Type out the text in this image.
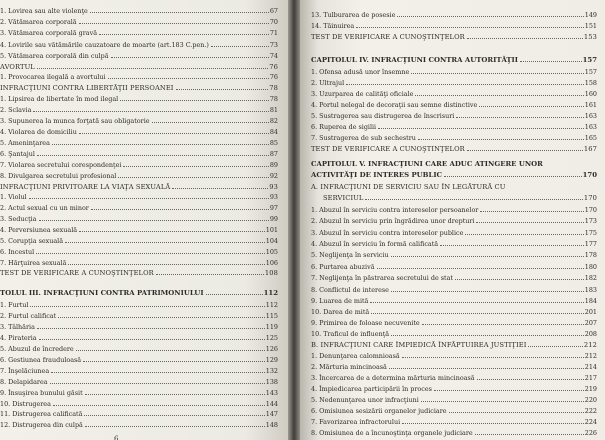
1. Lovirea sau alte violenţe	67
2. Vătămarea corporală	70
3. Vătămarea corporală gravă	71
4. Lovirile sau vătămările cauzatoare de moarte (art.183 C.pen.)	73
5. Vătămarea corporală din culpă	74
AVORTUL	76
1. Provocarea ilegală a avortului	76
INFRACŢIUNI CONTRA LIBERTĂŢII PERSOANEI	78
1. Lipsirea de libertate în mod ilegal	78
2. Sclavia	81
3. Supunerea la munca forţată sau obligatorie	82
4. Violarea de domiciliu	84
5. Ameninţarea	85
6. Şantajul	87
7. Violarea secretului corespondenţei	89
8. Divulgarea secretului profesional	92
INFRACŢIUNI PRIVITOARE LA VIAŢA SEXUALĂ	93
1. Violul	93
2. Actul sexual cu un minor	97
3. Seducţia	99
4. Perversiunea sexuală	101
5. Corupţia sexuală	104
6. Incestul	105
7. Hărţuirea sexuală	106
TEST DE VERIFICARE A CUNOŞTINŢELOR	108
TOLUL III. INFRACŢIUNI CONTRA PATRIMONIULUI	112
1. Furtul	112
2. Furtul calificat	115
3. Tâlhăria	119
4. Pirateria	125
5. Abuzul de încredere	126
6. Gestiunea frauduloasă	129
7. Înşelăciunea	132
8. Delapidarea	138
9. Însuşirea bunului găsit	143
10. Distrugerea	144
11. Distrugerea calificată	147
12. Distrugerea din culpă	148
6
13. Tulburarea de posesie	149
14. Tăinuirea	151
TEST DE VERIFICARE A CUNOŞTINŢELOR	153
CAPITOLUL IV. INFRACŢIUNI CONTRA AUTORITĂŢII	157
1. Ofensa adusă unor însemne	157
2. Ultrajul	158
3. Uzurparea de calităţi oficiale	160
4. Portul nelegal de decoraţii sau semne distinctive	161
5. Sustragerea sau distrugerea de înscrisuri	163
6. Ruperea de sigilii	163
7. Sustragerea de sub sechestru	165
TEST DE VERIFICARE A CUNOŞTINŢELOR	167
CAPITOLUL V. INFRACŢIUNI CARE ADUC ATINGERE UNOR
ACTIVITĂŢI DE INTERES PUBLIC	170
A. INFRACŢIUNI DE SERVICIU SAU ÎN LEGĂTURĂ CU
SERVICIUL	170
1. Abuzul în serviciu contra intereselor persoanelor	170
2. Abuzul în serviciu prin îngrădirea unor drepturi	173
3. Abuzul în serviciu contra intereselor publice	175
4. Abuzul în serviciu în formă calificată	177
5. Neglijenţa în serviciu	178
6. Purtarea abuzivă	180
7. Neglijenţa în păstrarea secretului de stat	182
8. Conflictul de interese	183
9. Luarea de mită	184
10. Darea de mită	201
9. Primirea de foloase necuvenite	207
10. Traficul de influenţă	208
B. INFRACŢIUNI CARE ÎMPIEDICĂ ÎNFĂPTUIREA JUSTIŢIEI	212
1. Denunţarea calomnioasă	212
2. Mărturia mincinoasă	214
3. Încercarea de a determina mărturia mincinoasă	217
4. Împiedicarea participării în proces	219
5. Nedenunţarea unor infracţiuni	220
6. Omisiunea sesizării organelor judiciare	222
7. Favorizarea infractorului	224
8. Omisiunea de a încunoştinţa organele judiciare	226
